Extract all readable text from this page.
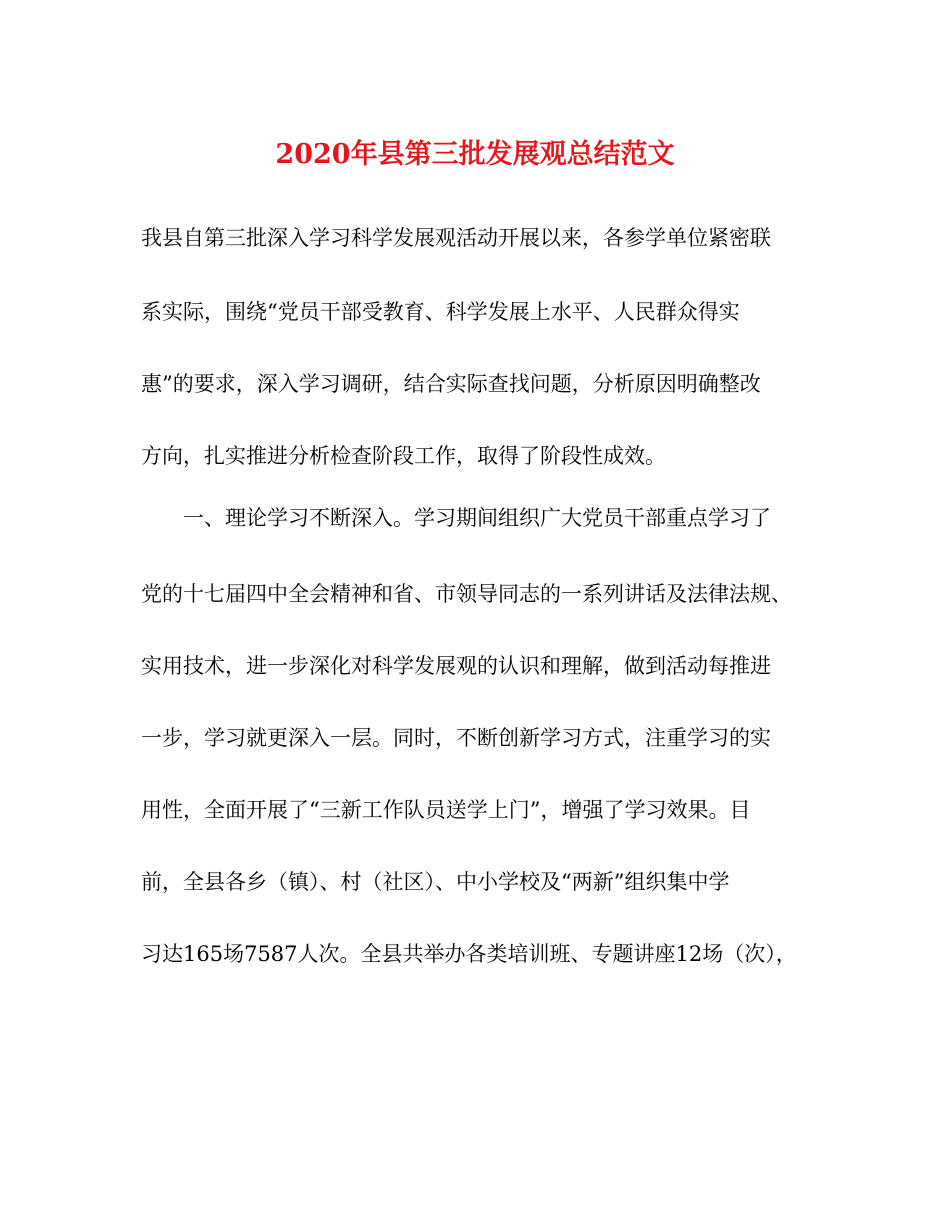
2020年县第三批发展观总结范文
我县自第三批深入学习科学发展观活动开展以来，各参学单位紧密联
系实际，围绕“党员干部受教育、科学发展上水平、人民群众得实
惠”的要求，深入学习调研，结合实际查找问题，分析原因明确整改
方向，扎实推进分析检查阶段工作，取得了阶段性成效。
一、理论学习不断深入。学习期间组织广大党员干部重点学习了
党的十七届四中全会精神和省、市领导同志的一系列讲话及法律法规、
实用技术，进一步深化对科学发展观的认识和理解，做到活动每推进
一步，学习就更深入一层。同时，不断创新学习方式，注重学习的实
用性，全面开展了“三新工作队员送学上门”，增强了学习效果。目
前，全县各乡（镇）、村（社区）、中小学校及“两新”组织集中学
习达165场7587人次。全县共举办各类培训班、专题讲座12场（次），
